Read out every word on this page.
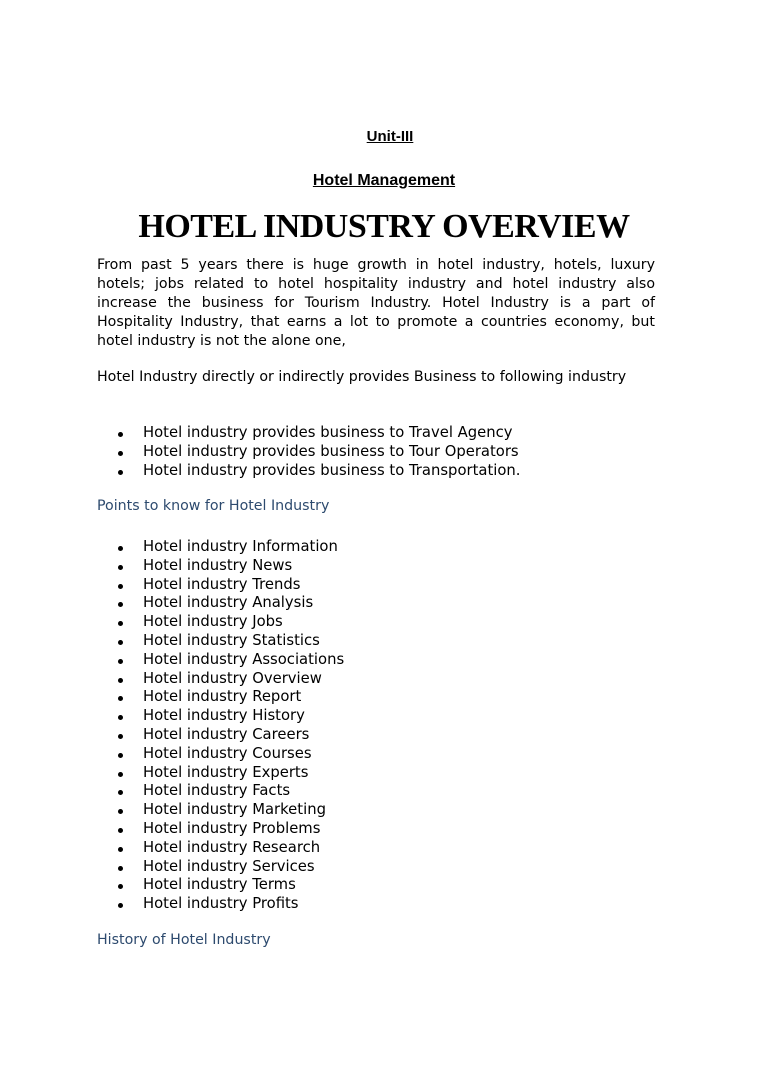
Unit-III
Hotel Management
HOTEL INDUSTRY OVERVIEW
From past 5 years there is huge growth in hotel industry, hotels, luxury hotels; jobs related to hotel hospitality industry and hotel industry also increase the business for Tourism Industry. Hotel Industry is a part of Hospitality Industry, that earns a lot to promote a countries economy, but hotel industry is not the alone one,
Hotel Industry directly or indirectly provides Business to following industry
Hotel industry provides business to Travel Agency
Hotel industry provides business to Tour Operators
Hotel industry provides business to Transportation.
Points to know for Hotel Industry
Hotel industry Information
Hotel industry News
Hotel industry Trends
Hotel industry Analysis
Hotel industry Jobs
Hotel industry Statistics
Hotel industry Associations
Hotel industry Overview
Hotel industry Report
Hotel industry History
Hotel industry Careers
Hotel industry Courses
Hotel industry Experts
Hotel industry Facts
Hotel industry Marketing
Hotel industry Problems
Hotel industry Research
Hotel industry Services
Hotel industry Terms
Hotel industry Profits
History of Hotel Industry
